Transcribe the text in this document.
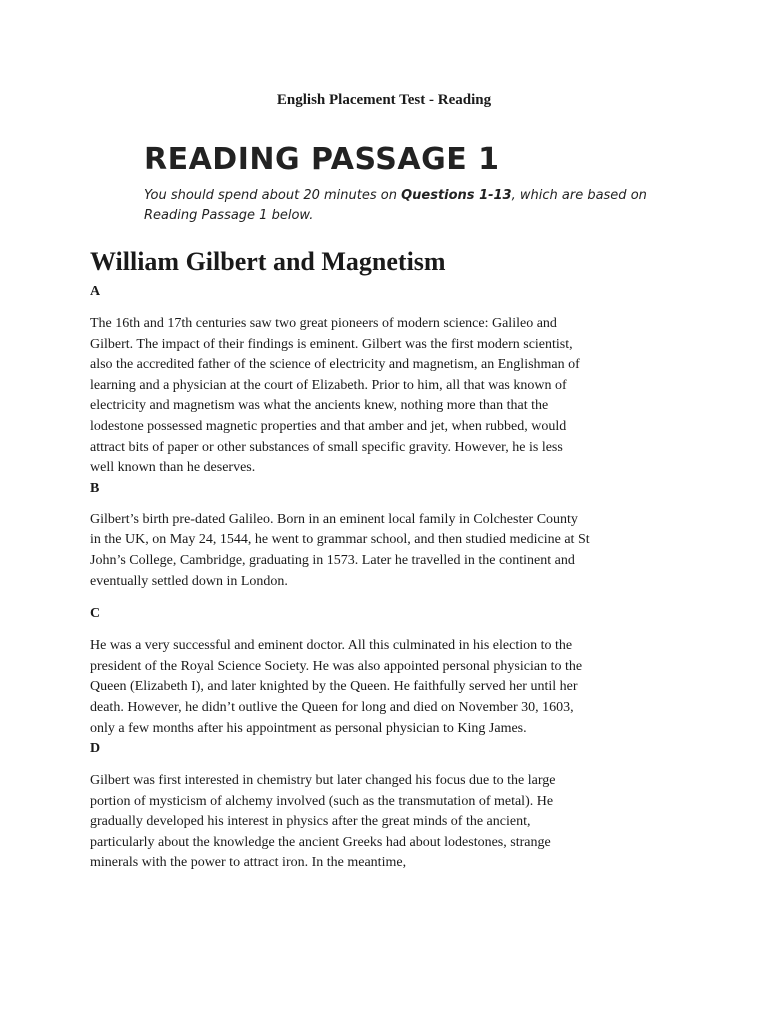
English Placement Test - Reading
READING PASSAGE 1
You should spend about 20 minutes on Questions 1-13, which are based on Reading Passage 1 below.
William Gilbert and Magnetism

A

The 16th and 17th centuries saw two great pioneers of modern science: Galileo and Gilbert. The impact of their findings is eminent. Gilbert was the first modern scientist, also the accredited father of the science of electricity and magnetism, an Englishman of learning and a physician at the court of Elizabeth. Prior to him, all that was known of electricity and magnetism was what the ancients knew, nothing more than that the lodestone possessed magnetic properties and that amber and jet, when rubbed, would attract bits of paper or other substances of small specific gravity. However, he is less well known than he deserves.

B

Gilbert’s birth pre-dated Galileo. Born in an eminent local family in Colchester County in the UK, on May 24, 1544, he went to grammar school, and then studied medicine at St John’s College, Cambridge, graduating in 1573. Later he travelled in the continent and eventually settled down in London.

C

He was a very successful and eminent doctor. All this culminated in his election to the president of the Royal Science Society. He was also appointed personal physician to the Queen (Elizabeth I), and later knighted by the Queen. He faithfully served her until her death. However, he didn’t outlive the Queen for long and died on November 30, 1603, only a few months after his appointment as personal physician to King James.

D

Gilbert was first interested in chemistry but later changed his focus due to the large portion of mysticism of alchemy involved (such as the transmutation of metal). He gradually developed his interest in physics after the great minds of the ancient, particularly about the knowledge the ancient Greeks had about lodestones, strange minerals with the power to attract iron. In the meantime,
